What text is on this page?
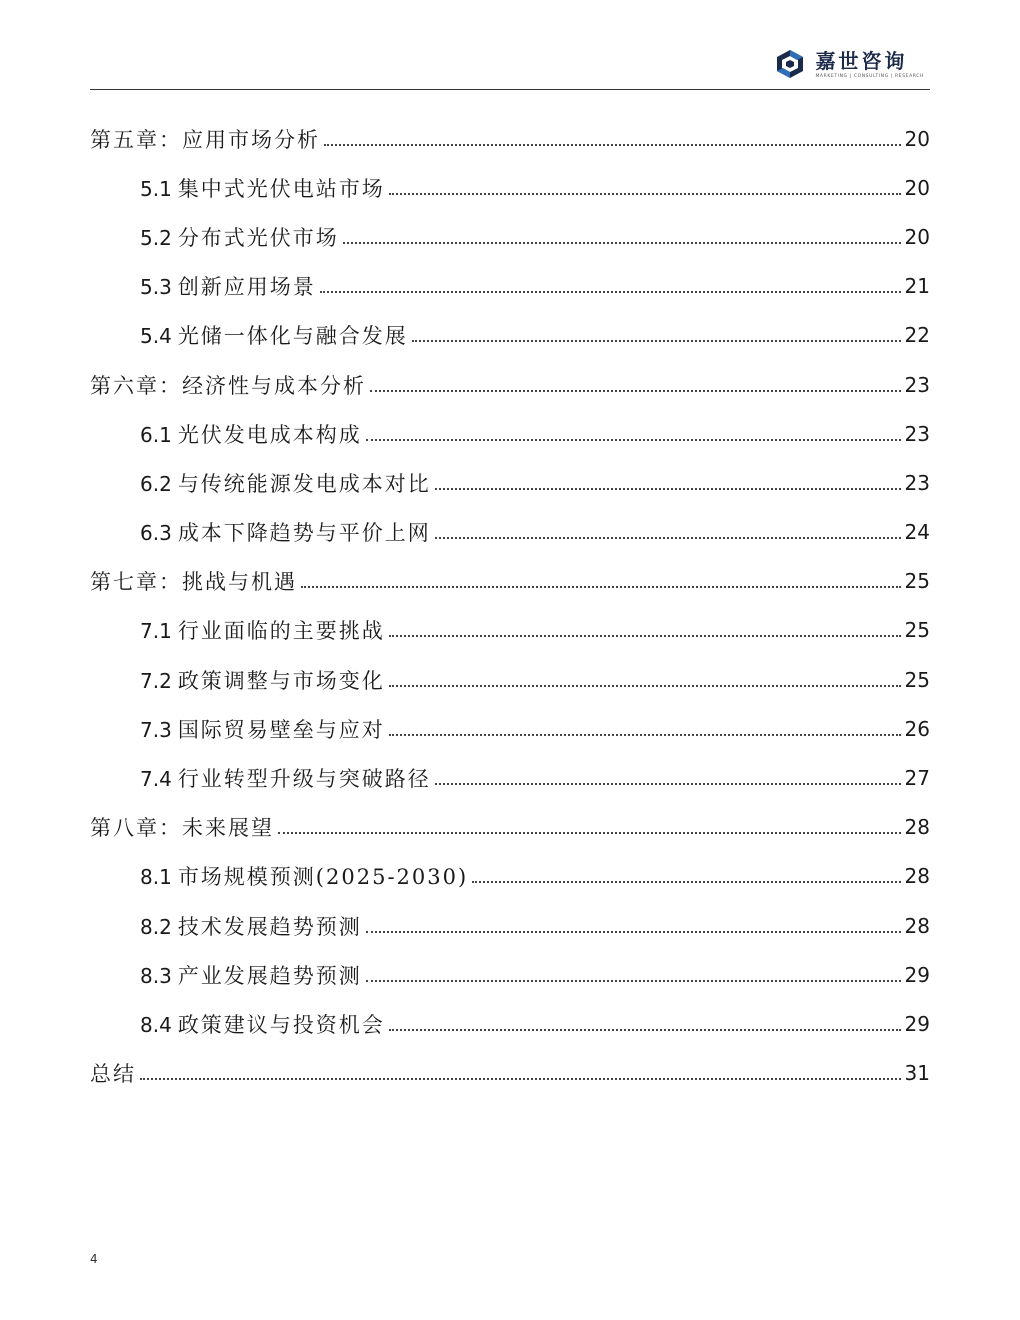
嘉世咨询
MARKETING | CONSULTING | RESEARCH
第五章：应用市场分析	20
5.1 集中式光伏电站市场	20
5.2 分布式光伏市场	20
5.3 创新应用场景	21
5.4 光储一体化与融合发展	22
第六章：经济性与成本分析	23
6.1 光伏发电成本构成	23
6.2 与传统能源发电成本对比	23
6.3 成本下降趋势与平价上网	24
第七章：挑战与机遇	25
7.1 行业面临的主要挑战	25
7.2 政策调整与市场变化	25
7.3 国际贸易壁垒与应对	26
7.4 行业转型升级与突破路径	27
第八章：未来展望	28
8.1 市场规模预测(2025-2030)	28
8.2 技术发展趋势预测	28
8.3 产业发展趋势预测	29
8.4 政策建议与投资机会	29
总结	31
4
